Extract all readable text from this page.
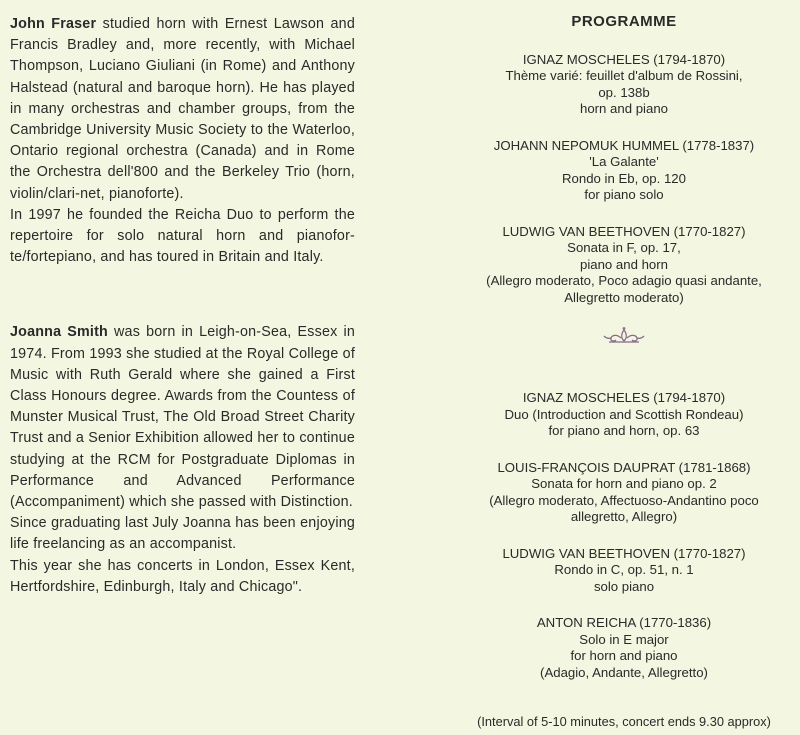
John Fraser studied horn with Ernest Lawson and Francis Bradley and, more recently, with Michael Thompson, Luciano Giuliani (in Rome) and Anthony Halstead (natural and baroque horn). He has played in many orchestras and chamber groups, from the Cambridge University Music Society to the Waterloo, Ontario regional orchestra (Canada) and in Rome the Orchestra dell'800 and the Berkeley Trio (horn, violin/clari-net, pianoforte).

In 1997 he founded the Reicha Duo to perform the repertoire for solo natural horn and pianofor-te/fortepiano, and has toured in Britain and Italy.

Joanna Smith was born in Leigh-on-Sea, Essex in 1974. From 1993 she studied at the Royal College of Music with Ruth Gerald where she gained a First Class Honours degree. Awards from the Countess of Munster Musical Trust, The Old Broad Street Charity Trust and a Senior Exhibition allowed her to continue studying at the RCM for Postgraduate Diplomas in Performance and Advanced Performance (Accompaniment) which she passed with Distinction.

Since graduating last July Joanna has been enjoying life freelancing as an accompanist.

This year she has concerts in London, Essex Kent, Hertfordshire, Edinburgh, Italy and Chicago".

PROGRAMME
IGNAZ MOSCHELES (1794-1870)
Thème varié: feuillet d'album de Rossini,
op. 138b
horn and piano
JOHANN NEPOMUK HUMMEL (1778-1837)
'La Galante'
Rondo in Eb, op. 120
for piano solo
LUDWIG VAN BEETHOVEN (1770-1827)
Sonata in F, op. 17,
piano and horn
(Allegro moderato, Poco adagio quasi andante,
Allegretto moderato)
IGNAZ MOSCHELES (1794-1870)
Duo (Introduction and Scottish Rondeau)
for piano and horn, op. 63
LOUIS-FRANÇOIS DAUPRAT (1781-1868)
Sonata for horn and piano op. 2
(Allegro moderato, Affectuoso-Andantino poco
allegretto, Allegro)
LUDWIG VAN BEETHOVEN (1770-1827)
Rondo in C, op. 51, n. 1
solo piano
ANTON REICHA (1770-1836)
Solo in E major
for horn and piano
(Adagio, Andante, Allegretto)
(Interval of 5-10 minutes, concert ends 9.30 approx)
